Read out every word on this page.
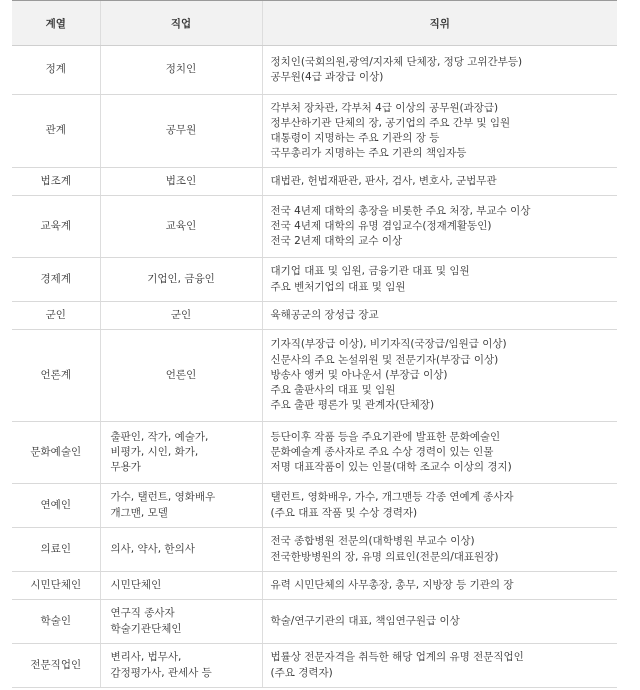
계열	직업	직위
정계	정치인	정치인(국회의원,광역/지자체 단체장, 정당 고위간부등)
공무원(4급 과장급 이상)

관계	공무원	각부처 장차관, 각부처 4급 이상의 공무원(과장급)
정부산하기관 단체의 장, 공기업의 주요 간부 및 임원
대통령이 지명하는 주요 기관의 장 등
국무총리가 지명하는 주요 기관의 책임자등

법조계	법조인	대법관, 헌법재판관, 판사, 검사, 변호사, 군법무관

교육계	교육인	전국 4년제 대학의 총장을 비롯한 주요 처장, 부교수 이상
전국 4년제 대학의 유명 겸임교수(정재계활동인)
전국 2년제 대학의 교수 이상

경제계	기업인, 금융인	대기업 대표 및 임원, 금융기관 대표 및 임원
주요 벤처기업의 대표 및 임원

군인	군인	육해공군의 장성급 장교

언론계	언론인	기자직(부장급 이상), 비기자직(국장급/임원급 이상)
신문사의 주요 논설위원 및 전문기자(부장급 이상)
방송사 앵커 및 아나운서 (부장급 이상)
주요 출판사의 대표 및 임원
주요 출판 평론가 및 관계자(단체장)

문화예술인	출판인, 작가, 예술가,
비평가, 시인, 화가,
무용가	등단이후 작품 등을 주요기관에 발표한 문화예술인
문화예술계 종사자로 주요 수상 경력이 있는 인물
저명 대표작품이 있는 인물(대학 조교수 이상의 경지)

연예인	가수, 탤런트, 영화배우
개그맨, 모델	탤런트, 영화배우, 가수, 개그맨등 각종 연예계 종사자
(주요 대표 작품 및 수상 경력자)

의료인	의사, 약사, 한의사	전국 종합병원 전문의(대학병원 부교수 이상)
전국한방병원의 장, 유명 의료인(전문의/대표원장)

시민단체인	시민단체인	유력 시민단체의 사무총장, 총무, 지방장 등 기관의 장

학술인	연구직 종사자
학술기관단체인	학술/연구기관의 대표, 책임연구원급 이상

전문직업인	변리사, 법무사,
감정평가사, 관세사 등	법률상 전문자격을 취득한 해당 업계의 유명 전문직업인
(주요 경력자)
